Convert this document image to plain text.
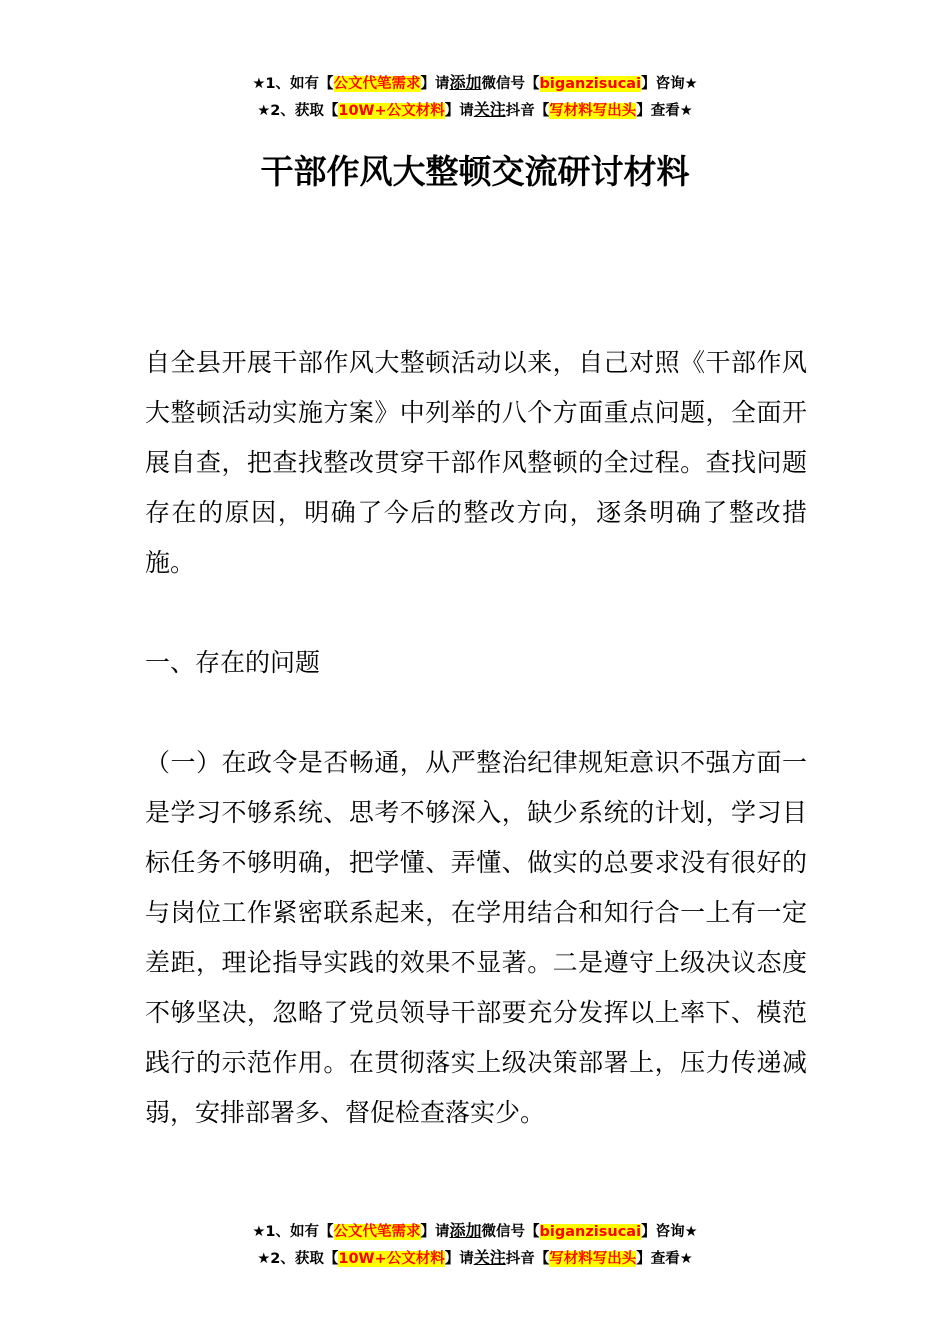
★1、如有【公文代笔需求】请添加微信号【biganzisucai】咨询★
★2、获取【10W+公文材料】请关注抖音【写材料写出头】查看★
干部作风大整顿交流研讨材料
自全县开展干部作风大整顿活动以来，自己对照《干部作风大整顿活动实施方案》中列举的八个方面重点问题，全面开展自查，把查找整改贯穿干部作风整顿的全过程。查找问题存在的原因，明确了今后的整改方向，逐条明确了整改措施。
一、存在的问题
（一）在政令是否畅通，从严整治纪律规矩意识不强方面一是学习不够系统、思考不够深入，缺少系统的计划，学习目标任务不够明确，把学懂、弄懂、做实的总要求没有很好的与岗位工作紧密联系起来，在学用结合和知行合一上有一定差距，理论指导实践的效果不显著。二是遵守上级决议态度不够坚决，忽略了党员领导干部要充分发挥以上率下、模范践行的示范作用。在贯彻落实上级决策部署上，压力传递减弱，安排部署多、督促检查落实少。
★1、如有【公文代笔需求】请添加微信号【biganzisucai】咨询★
★2、获取【10W+公文材料】请关注抖音【写材料写出头】查看★
